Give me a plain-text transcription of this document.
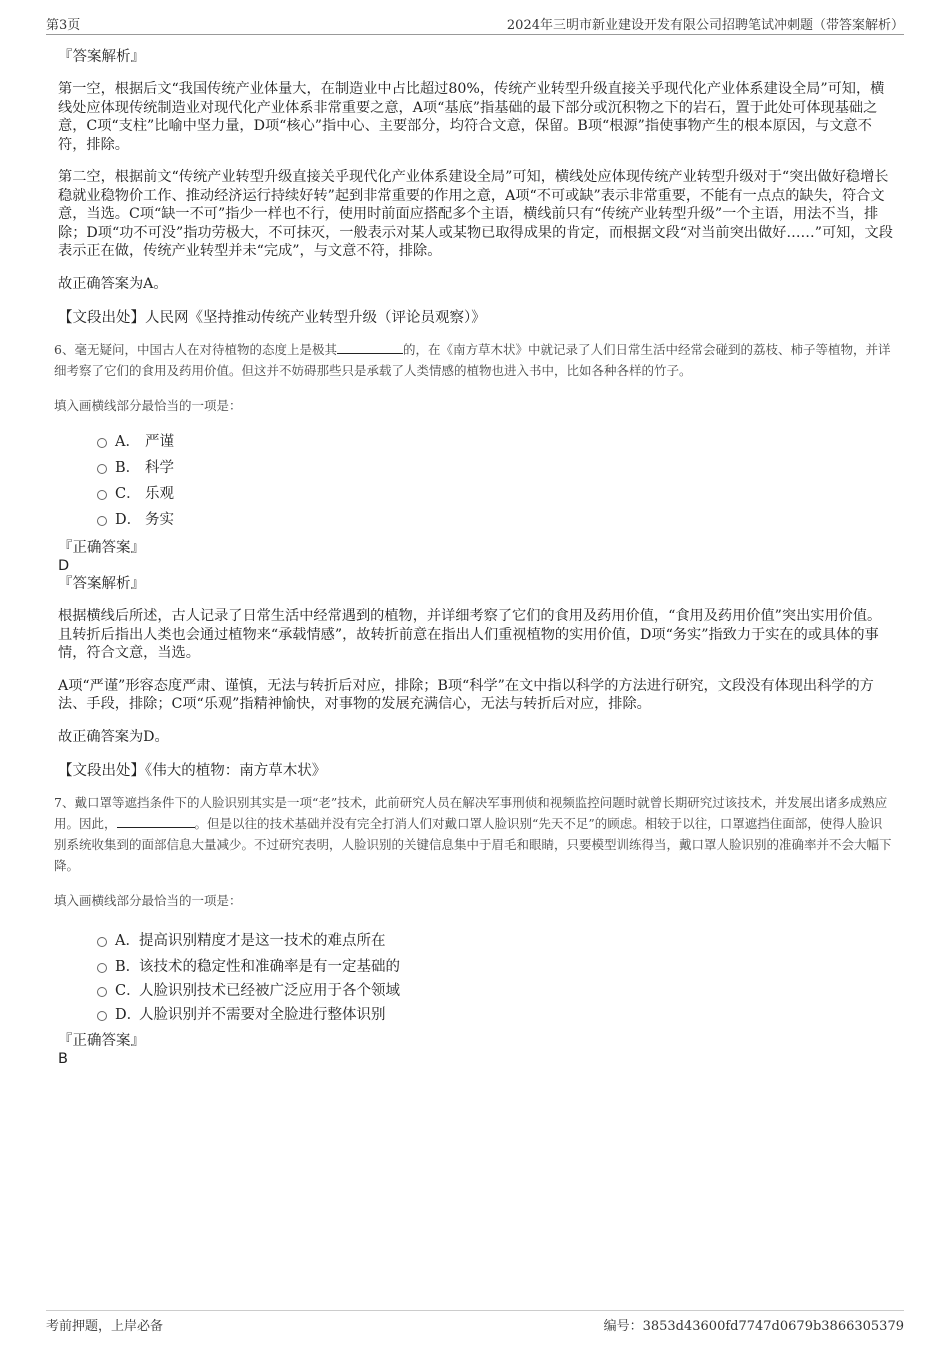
第3页	2024年三明市新业建设开发有限公司招聘笔试冲刺题（带答案解析）
『答案解析』
第一空，根据后文“我国传统产业体量大，在制造业中占比超过80%，传统产业转型升级直接关乎现代化产业体系建设全局”可知，横线处应体现传统制造业对现代化产业体系非常重要之意，A项“基底”指基础的最下部分或沉积物之下的岩石，置于此处可体现基础之意，C项“支柱”比喻中坚力量，D项“核心”指中心、主要部分，均符合文意，保留。B项“根源”指使事物产生的根本原因，与文意不符，排除。
第二空，根据前文“传统产业转型升级直接关乎现代化产业体系建设全局”可知，横线处应体现传统产业转型升级对于“突出做好稳增长稳就业稳物价工作、推动经济运行持续好转”起到非常重要的作用之意，A项“不可或缺”表示非常重要，不能有一点点的缺失，符合文意，当选。C项“缺一不可”指少一样也不行，使用时前面应搭配多个主语，横线前只有“传统产业转型升级”一个主语，用法不当，排除；D项“功不可没”指功劳极大，不可抹灭，一般表示对某人或某物已取得成果的肯定，而根据文段“对当前突出做好……”可知，文段表示正在做，传统产业转型并未“完成”，与文意不符，排除。
故正确答案为A。
【文段出处】人民网《坚持推动传统产业转型升级（评论员观察）》
6、毫无疑问，中国古人在对待植物的态度上是极其	的，在《南方草木状》中就记录了人们日常生活中经常会碰到的荔枝、柿子等植物，并详细考察了它们的食用及药用价值。但这并不妨碍那些只是承载了人类情感的植物也进入书中，比如各种各样的竹子。
填入画横线部分最恰当的一项是：
A． 严谨
B． 科学
C． 乐观
D． 务实
『正确答案』
D
『答案解析』
根据横线后所述，古人记录了日常生活中经常遇到的植物，并详细考察了它们的食用及药用价值，“食用及药用价值”突出实用价值。且转折后指出人类也会通过植物来“承载情感”，故转折前意在指出人们重视植物的实用价值，D项“务实”指致力于实在的或具体的事情，符合文意，当选。
A项“严谨”形容态度严肃、谨慎，无法与转折后对应，排除；B项“科学”在文中指以科学的方法进行研究，文段没有体现出科学的方法、手段，排除；C项“乐观”指精神愉快，对事物的发展充满信心，无法与转折后对应，排除。
故正确答案为D。
【文段出处】《伟大的植物：南方草木状》
7、戴口罩等遮挡条件下的人脸识别其实是一项“老”技术，此前研究人员在解决军事刑侦和视频监控问题时就曾长期研究过该技术，并发展出诸多成熟应用。因此，	。但是以往的技术基础并没有完全打消人们对戴口罩人脸识别“先天不足”的顾虑。相较于以往，口罩遮挡住面部，使得人脸识别系统收集到的面部信息大量减少。不过研究表明，人脸识别的关键信息集中于眉毛和眼睛，只要模型训练得当，戴口罩人脸识别的准确率并不会大幅下降。
填入画横线部分最恰当的一项是：
A．提高识别精度才是这一技术的难点所在
B．该技术的稳定性和准确率是有一定基础的
C．人脸识别技术已经被广泛应用于各个领域
D．人脸识别并不需要对全脸进行整体识别
『正确答案』
B
考前押题，上岸必备	编号：3853d43600fd7747d0679b3866305379
